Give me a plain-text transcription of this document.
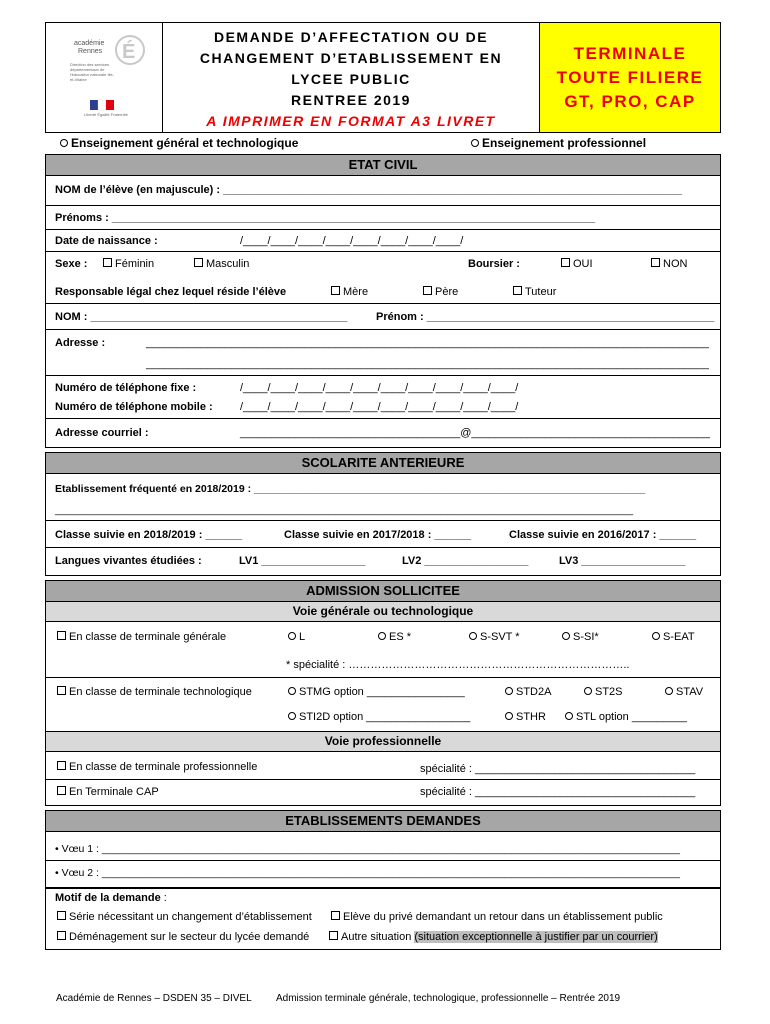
É
académie
Rennes
Direction des services départementaux de l'éducation nationale Ille-et-Vilaine
Liberté Égalité Fraternité
DEMANDE D’AFFECTATION OU DE
CHANGEMENT D’ETABLISSEMENT EN
LYCEE PUBLIC
RENTREE 2019
A IMPRIMER EN FORMAT A3 LIVRET
TERMINALE
TOUTE FILIERE
GT, PRO, CAP
Enseignement général et technologique	Enseignement professionnel
ETAT CIVIL
NOM de l’élève (en majuscule) : ___________________________________________________________________________
Prénoms : _______________________________________________________________________________
Date de naissance :	/____/____/____/____/____/____/____/____/
Sexe :	Féminin	Masculin	Boursier :	OUI	NON
Responsable légal chez lequel réside l’élève	Mère	Père	Tuteur
NOM : __________________________________________	Prénom : _______________________________________________
Adresse :	____________________________________________________________________________________________
____________________________________________________________________________________________
Numéro de téléphone fixe :	/____/____/____/____/____/____/____/____/____/____/
Numéro de téléphone mobile : /____/____/____/____/____/____/____/____/____/____/
Adresse courriel :	____________________________________@_______________________________________
SCOLARITE ANTERIEURE
Etablissement fréquenté en 2018/2019 : ___________________________________________________________________
___________________________________________________________________________________________________
Classe suivie en 2018/2019 : ______	Classe suivie en 2017/2018 : ______	Classe suivie en 2016/2017 : ______
Langues vivantes étudiées :	LV1 _________________	LV2 _________________	LV3 _________________
ADMISSION SOLLICITEE
Voie générale ou technologique
En classe de terminale générale	L	ES *	S-SVT *	S-SI*	S-EAT
* spécialité : …………………………………………………………………..
En classe de terminale technologique	STMG option ________________	STD2A	ST2S	STAV
STI2D option _________________	STHR	STL option _________
Voie professionnelle
En classe de terminale professionnelle	spécialité : ____________________________________
En Terminale CAP	spécialité : ____________________________________
ETABLISSEMENTS DEMANDES
• Vœu 1 : ___________________________________________________________________________________________________
• Vœu 2 : ___________________________________________________________________________________________________
Motif de la demande :
Série nécessitant un changement d’établissement	Elève du privé demandant un retour dans un établissement public
Déménagement sur le secteur du lycée demandé	Autre situation (situation exceptionnelle à justifier par un courrier)
Académie de Rennes – DSDEN 35 – DIVEL Admission terminale générale, technologique, professionnelle – Rentrée 2019
